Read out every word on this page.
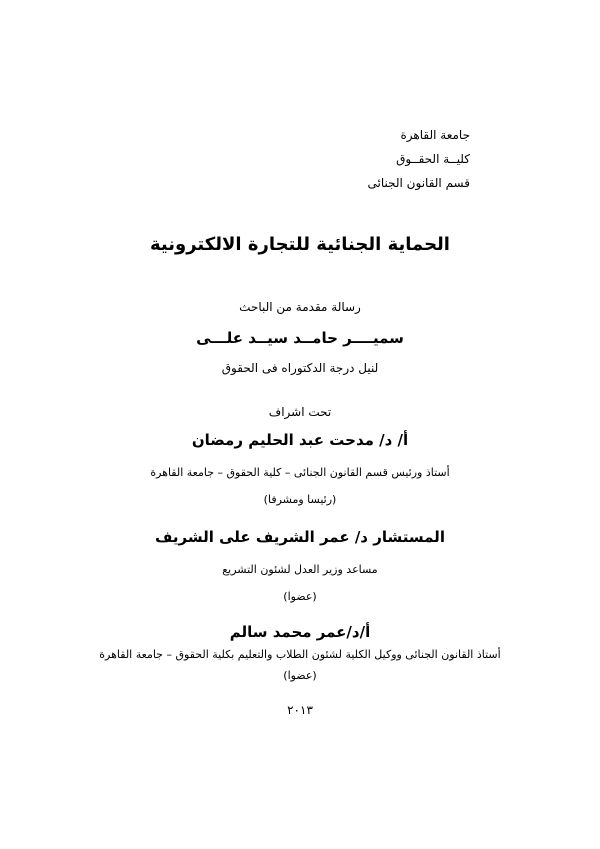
جامعة القاهرة
كليــة الحقــوق
قسم القانون الجنائى
الحماية الجنائية للتجارة الالكترونية
رسالة مقدمة من الباحث
سميــــر حامــد سيــد علـــى
لنيل درجة الدكتوراه فى الحقوق
تحت اشراف
أ/ د/ مدحت عبد الحليم رمضان
أستاذ ورئيس قسم القانون الجنائى – كلية الحقوق – جامعة القاهرة
(رئيسا ومشرفا)
المستشار د/ عمر الشريف على الشريف
مساعد وزير العدل لشئون التشريع
(عضوا)
أ/د/عمر محمد سالم
أستاذ القانون الجنائى ووكيل الكلية لشئون الطلاب والتعليم بكلية الحقوق – جامعة القاهرة
(عضوا)
٢٠١٣
